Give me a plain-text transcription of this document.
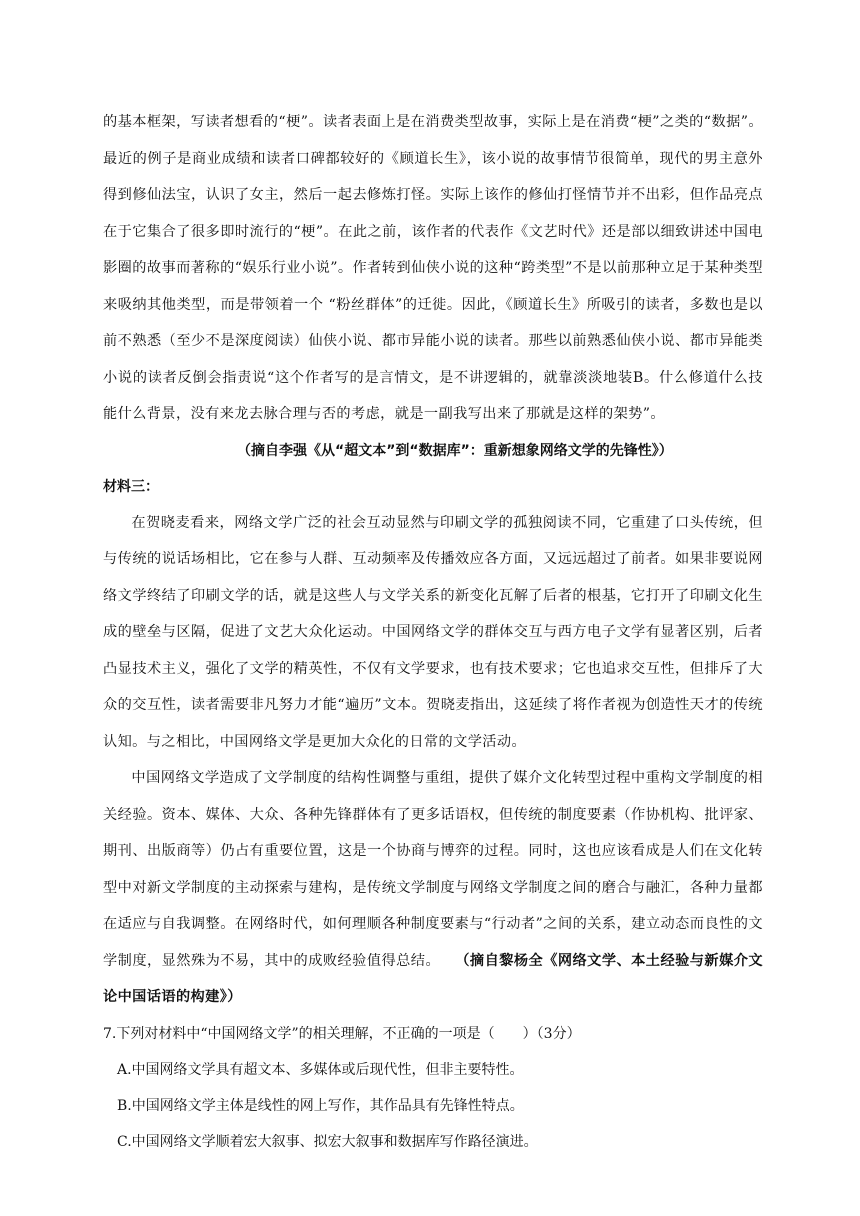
的基本框架，写读者想看的“梗”。读者表面上是在消费类型故事，实际上是在消费“梗”之类的“数据”。最近的例子是商业成绩和读者口碑都较好的《顾道长生》，该小说的故事情节很简单，现代的男主意外得到修仙法宝，认识了女主，然后一起去修炼打怪。实际上该作的修仙打怪情节并不出彩，但作品亮点在于它集合了很多即时流行的“梗”。在此之前，该作者的代表作《文艺时代》还是部以细致讲述中国电影圈的故事而著称的“娱乐行业小说”。作者转到仙侠小说的这种“跨类型”不是以前那种立足于某种类型来吸纳其他类型，而是带领着一个 “粉丝群体”的迁徙。因此，《顾道长生》所吸引的读者，多数也是以前不熟悉（至少不是深度阅读）仙侠小说、都市异能小说的读者。那些以前熟悉仙侠小说、都市异能类小说的读者反倒会指责说“这个作者写的是言情文，是不讲逻辑的，就靠淡淡地装B。什么修道什么技能什么背景，没有来龙去脉合理与否的考虑，就是一副我写出来了那就是这样的架势”。

（摘自李强《从“超文本”到“数据库”：重新想象网络文学的先锋性》）

材料三：

在贺晓麦看来，网络文学广泛的社会互动显然与印刷文学的孤独阅读不同，它重建了口头传统，但与传统的说话场相比，它在参与人群、互动频率及传播效应各方面，又远远超过了前者。如果非要说网络文学终结了印刷文学的话，就是这些人与文学关系的新变化瓦解了后者的根基，它打开了印刷文化生成的壁垒与区隔，促进了文艺大众化运动。中国网络文学的群体交互与西方电子文学有显著区别，后者凸显技术主义，强化了文学的精英性，不仅有文学要求，也有技术要求；它也追求交互性，但排斥了大众的交互性，读者需要非凡努力才能“遍历”文本。贺晓麦指出，这延续了将作者视为创造性天才的传统认知。与之相比，中国网络文学是更加大众化的日常的文学活动。

中国网络文学造成了文学制度的结构性调整与重组，提供了媒介文化转型过程中重构文学制度的相关经验。资本、媒体、大众、各种先锋群体有了更多话语权，但传统的制度要素（作协机构、批评家、期刊、出版商等）仍占有重要位置，这是一个协商与博弈的过程。同时，这也应该看成是人们在文化转型中对新文学制度的主动探索与建构，是传统文学制度与网络文学制度之间的磨合与融汇，各种力量都在适应与自我调整。在网络时代，如何理顺各种制度要素与“行动者”之间的关系，建立动态而良性的文学制度，显然殊为不易，其中的成败经验值得总结。　　 （摘自黎杨全《网络文学、本土经验与新媒介文论中国话语的构建》）

7.下列对材料中“中国网络文学”的相关理解，不正确的一项是（　　）（3分）

A.中国网络文学具有超文本、多媒体或后现代性，但非主要特性。

B.中国网络文学主体是线性的网上写作，其作品具有先锋性特点。

C.中国网络文学顺着宏大叙事、拟宏大叙事和数据库写作路径演进。
